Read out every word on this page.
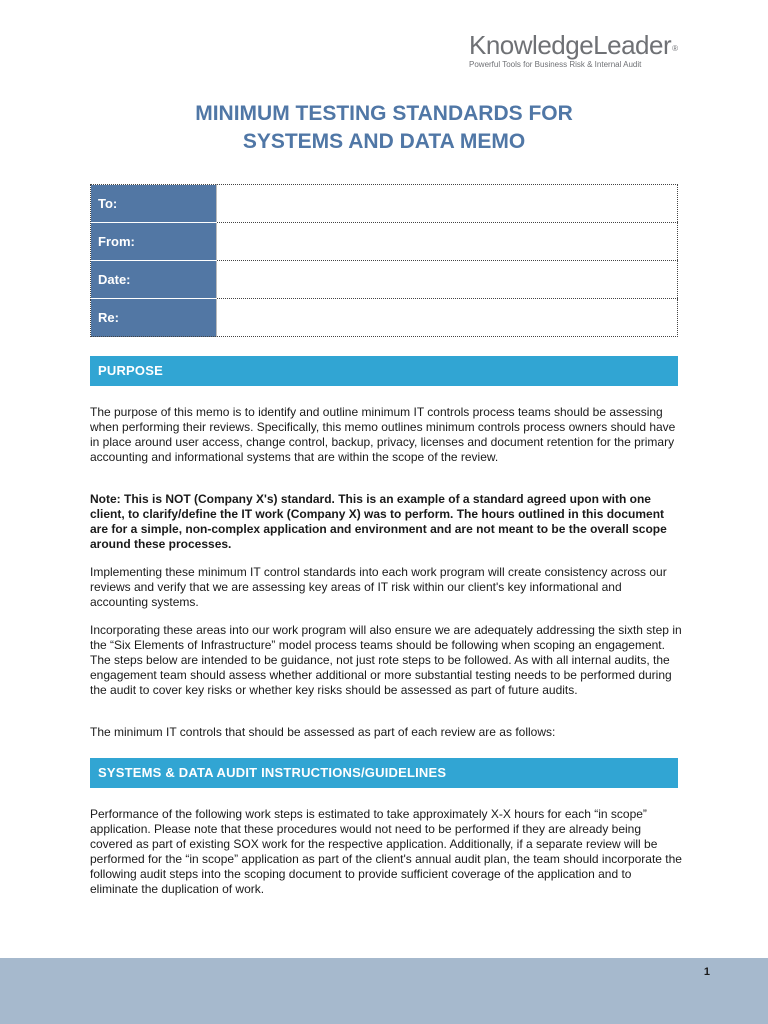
KnowledgeLeader®
Powerful Tools for Business Risk & Internal Audit
MINIMUM TESTING STANDARDS FOR
SYSTEMS AND DATA MEMO
To:	
From:	
Date:	
Re:	
PURPOSE
The purpose of this memo is to identify and outline minimum IT controls process teams should be assessing when performing their reviews. Specifically, this memo outlines minimum controls process owners should have in place around user access, change control, backup, privacy, licenses and document retention for the primary accounting and informational systems that are within the scope of the review.
Note: This is NOT (Company X's) standard. This is an example of a standard agreed upon with one client, to clarify/define the IT work (Company X) was to perform. The hours outlined in this document are for a simple, non-complex application and environment and are not meant to be the overall scope around these processes.
Implementing these minimum IT control standards into each work program will create consistency across our reviews and verify that we are assessing key areas of IT risk within our client's key informational and accounting systems.
Incorporating these areas into our work program will also ensure we are adequately addressing the sixth step in the “Six Elements of Infrastructure” model process teams should be following when scoping an engagement. The steps below are intended to be guidance, not just rote steps to be followed. As with all internal audits, the engagement team should assess whether additional or more substantial testing needs to be performed during the audit to cover key risks or whether key risks should be assessed as part of future audits.
The minimum IT controls that should be assessed as part of each review are as follows:
SYSTEMS & DATA AUDIT INSTRUCTIONS/GUIDELINES
Performance of the following work steps is estimated to take approximately X-X hours for each “in scope” application. Please note that these procedures would not need to be performed if they are already being covered as part of existing SOX work for the respective application. Additionally, if a separate review will be performed for the “in scope” application as part of the client's annual audit plan, the team should incorporate the following audit steps into the scoping document to provide sufficient coverage of the application and to eliminate the duplication of work.
1
